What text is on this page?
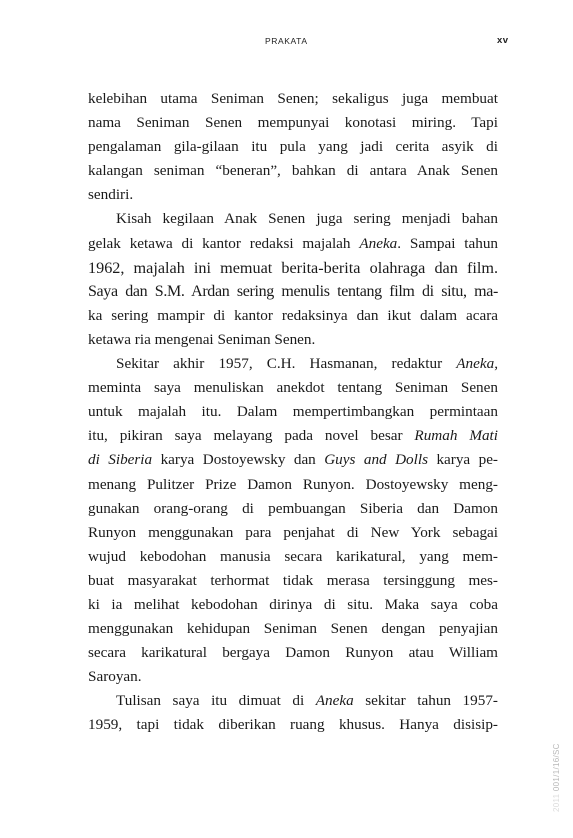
PRAKATA	xv
kelebihan utama Seniman Senen; sekaligus juga membuat
nama Seniman Senen mempunyai konotasi miring. Tapi
pengalaman gila-gilaan itu pula yang jadi cerita asyik di
kalangan seniman “beneran”, bahkan di antara Anak Senen
sendiri.
Kisah kegilaan Anak Senen juga sering menjadi bahan
gelak ketawa di kantor redaksi majalah Aneka. Sampai tahun
1962, majalah ini memuat berita-berita olahraga dan film.
Saya dan S.M. Ardan sering menulis tentang film di situ, ma-
ka sering mampir di kantor redaksinya dan ikut dalam acara
ketawa ria mengenai Seniman Senen.
Sekitar akhir 1957, C.H. Hasmanan, redaktur Aneka,
meminta saya menuliskan anekdot tentang Seniman Senen
untuk majalah itu. Dalam mempertimbangkan permintaan
itu, pikiran saya melayang pada novel besar Rumah Mati
di Siberia karya Dostoyewsky dan Guys and Dolls karya pe-
menang Pulitzer Prize Damon Runyon. Dostoyewsky meng-
gunakan orang-orang di pembuangan Siberia dan Damon
Runyon menggunakan para penjahat di New York sebagai
wujud kebodohan manusia secara karikatural, yang mem-
buat masyarakat terhormat tidak merasa tersinggung mes-
ki ia melihat kebodohan dirinya di situ. Maka saya coba
menggunakan kehidupan Seniman Senen dengan penyajian
secara karikatural bergaya Damon Runyon atau William
Saroyan.
Tulisan saya itu dimuat di Aneka sekitar tahun 1957-
1959, tapi tidak diberikan ruang khusus. Hanya disisip-
2011 001/1/16/SC
